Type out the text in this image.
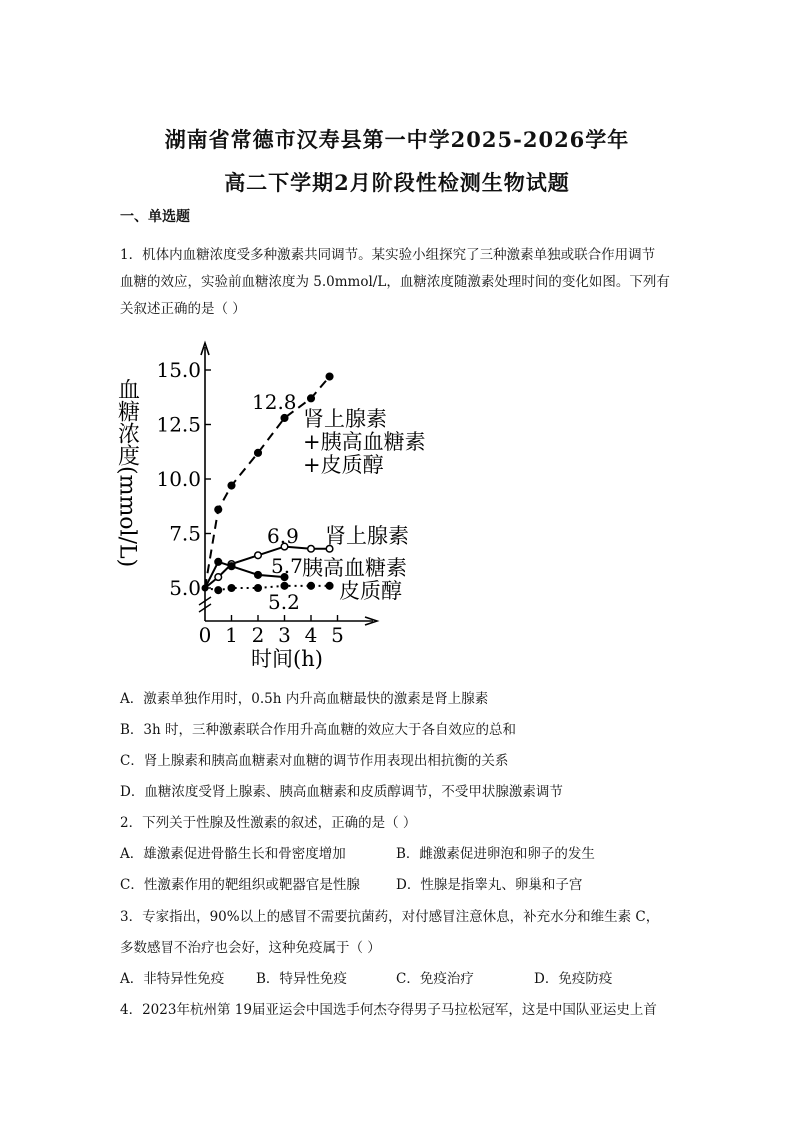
湖南省常德市汉寿县第一中学2025-2026学年
高二下学期2月阶段性检测生物试题
一、单选题
1．机体内血糖浓度受多种激素共同调节。某实验小组探究了三种激素单独或联合作用调节
血糖的效应，实验前血糖浓度为 5.0mmol/L，血糖浓度随激素处理时间的变化如图。下列有
关叙述正确的是（ ）
5.0
7.5
10.0
12.5
15.0
0 1 2 3 4 5
血糖浓度(mmol/L)
时间(h)
12.8
6.9
5.7
5.2
肾上腺素
+胰高血糖素
+皮质醇
肾上腺素
胰高血糖素
皮质醇
A．激素单独作用时，0.5h 内升高血糖最快的激素是肾上腺素
B．3h 时，三种激素联合作用升高血糖的效应大于各自效应的总和
C．肾上腺素和胰高血糖素对血糖的调节作用表现出相抗衡的关系
D．血糖浓度受肾上腺素、胰高血糖素和皮质醇调节，不受甲状腺激素调节
2．下列关于性腺及性激素的叙述，正确的是（ ）
A．雄激素促进骨骼生长和骨密度增加	B．雌激素促进卵泡和卵子的发生
C．性激素作用的靶组织或靶器官是性腺	D．性腺是指睾丸、卵巢和子宫
3．专家指出，90%以上的感冒不需要抗菌药，对付感冒注意休息，补充水分和维生素 C，
多数感冒不治疗也会好，这种免疫属于（ ）
A．非特异性免疫 B．特异性免疫	C．免疫治疗	D．免疫防疫
4．2023年杭州第 19届亚运会中国选手何杰夺得男子马拉松冠军，这是中国队亚运史上首
